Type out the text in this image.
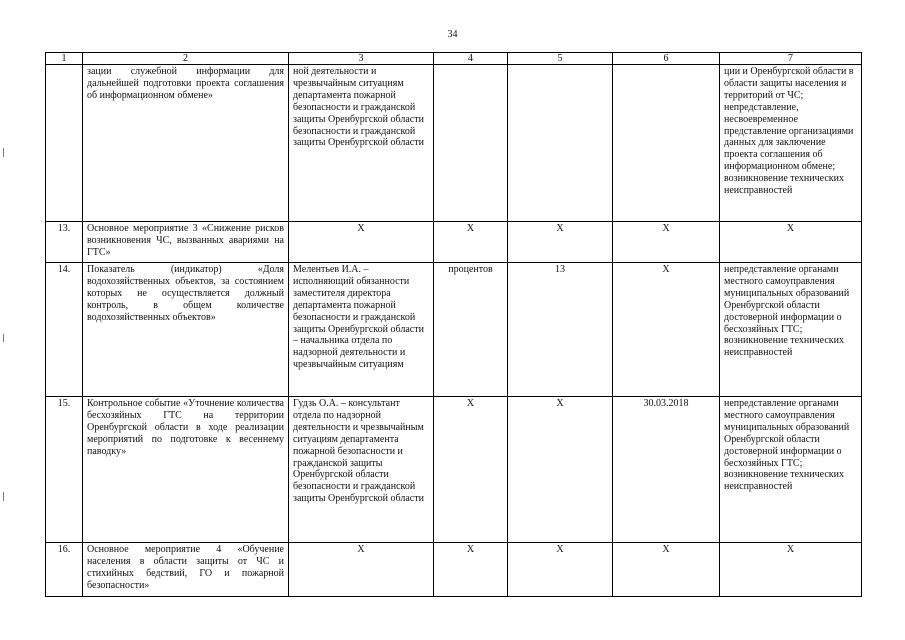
34
1	2	3	4	5	6	7
	зации служебной информации для дальнейшей подготовки проекта соглашения об информационном обмене»	ной деятельности и чрезвычайным ситуациям департамента пожарной безопасности и гражданской защиты Оренбургской области безопасности и гражданской защиты Оренбургской области				ции и Оренбургской области в области защиты населения и территорий от ЧС; непредставление, несвоевременное представление организациями данных для заключение проекта соглашения об информационном обмене; возникновение технических неисправностей
13.	Основное мероприятие 3 «Снижение рисков возникновения ЧС, вызванных авариями на ГТС»	X	X	X	X	X
14.	Показатель (индикатор) «Доля водохозяйственных объектов, за состоянием которых не осуществляется должный контроль, в общем количестве водохозяйственных объектов»	Мелентьев И.А. – исполняющий обязанности заместителя директора департамента пожарной безопасности и гражданской защиты Оренбургской области – начальника отдела по надзорной деятельности и чрезвычайным ситуациям	процентов	13	X	непредставление органами местного самоуправления муниципальных образований Оренбургской области достоверной информации о бесхозяйных ГТС; возникновение технических неисправностей
15.	Контрольное событие «Уточнение количества бесхозяйных ГТС на территории Оренбургской области в ходе реализации мероприятий по подготовке к весеннему паводку»	Гудзь О.А. – консультант отдела по надзорной деятельности и чрезвычайным ситуациям департамента пожарной безопасности и гражданской защиты Оренбургской области безопасности и гражданской защиты Оренбургской области	X	X	30.03.2018	непредставление органами местного самоуправления муниципальных образований Оренбургской области достоверной информации о бесхозяйных ГТС; возникновение технических неисправностей
16.	Основное мероприятие 4 «Обучение населения в области защиты от ЧС и стихийных бедствий, ГО и пожарной безопасности»	X	X	X	X	X
